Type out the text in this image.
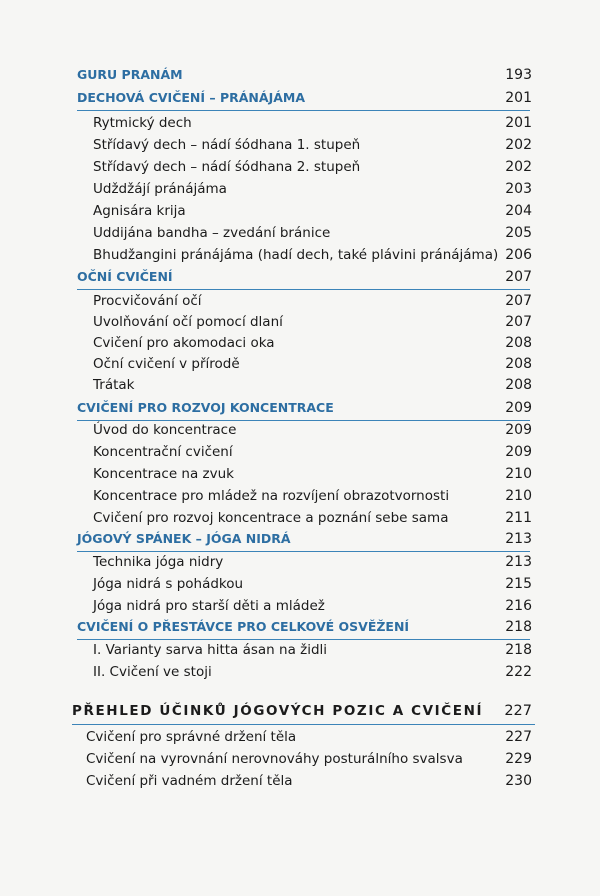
GURU PRANÁM	193
DECHOVÁ CVIČENÍ – PRÁNÁJÁMA	201
Rytmický dech	201
Střídavý dech – nádí śódhana 1. stupeň	202
Střídavý dech – nádí śódhana 2. stupeň	202
Udždžájí pránájáma	203
Agnisára krija	204
Uddijána bandha – zvedání bránice	205
Bhudžangini pránájáma (hadí dech, také plávini pránájáma) 206
OČNÍ CVIČENÍ	207
Procvičování očí	207
Uvolňování očí pomocí dlaní	207
Cvičení pro akomodaci oka	208
Oční cvičení v přírodě	208
Trátak	208
CVIČENÍ PRO ROZVOJ KONCENTRACE	209
Úvod do koncentrace	209
Koncentrační cvičení	209
Koncentrace na zvuk	210
Koncentrace pro mládež na rozvíjení obrazotvornosti	210
Cvičení pro rozvoj koncentrace a poznání sebe sama	211
JÓGOVÝ SPÁNEK – JÓGA NIDRÁ	213
Technika jóga nidry	213
Jóga nidrá s pohádkou	215
Jóga nidrá pro starší děti a mládež	216
CVIČENÍ O PŘESTÁVCE PRO CELKOVÉ OSVĚŽENÍ	218
I. Varianty sarva hitta ásan na židli	218
II. Cvičení ve stoji	222
PŘEHLED ÚČINKŮ JÓGOVÝCH POZIC A CVIČENÍ 227
Cvičení pro správné držení těla	227
Cvičení na vyrovnání nerovnováhy posturálního svalsva	229
Cvičení při vadném držení těla	230
